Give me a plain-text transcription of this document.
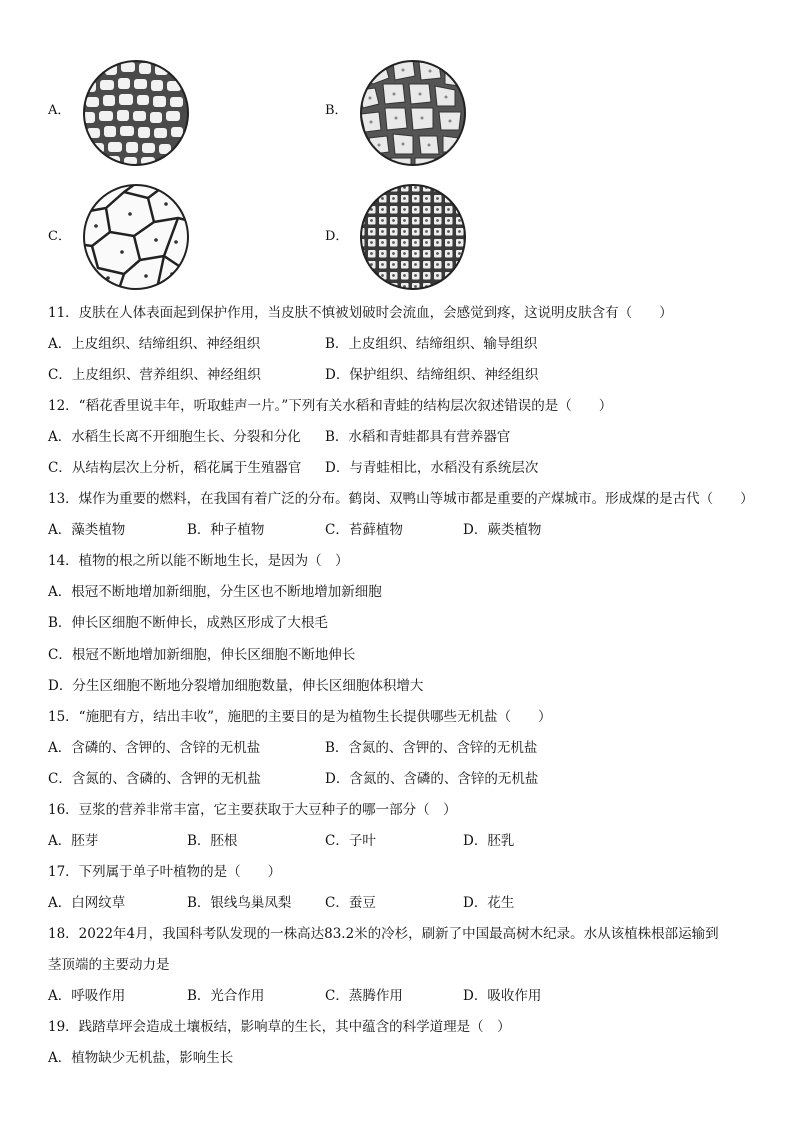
A．	B．
C．	D．
11．皮肤在人体表面起到保护作用，当皮肤不慎被划破时会流血，会感觉到疼，这说明皮肤含有（　　）
A．上皮组织、结缔组织、神经组织	B．上皮组织、结缔组织、输导组织
C．上皮组织、营养组织、神经组织	D．保护组织、结缔组织、神经组织
12．“稻花香里说丰年，听取蛙声一片。”下列有关水稻和青蛙的结构层次叙述错误的是（　　）
A．水稻生长离不开细胞生长、分裂和分化 B．水稻和青蛙都具有营养器官
C．从结构层次上分析，稻花属于生殖器官 D．与青蛙相比，水稻没有系统层次
13．煤作为重要的燃料，在我国有着广泛的分布。鹤岗、双鸭山等城市都是重要的产煤城市。形成煤的是古代（　　）
A．藻类植物	B．种子植物	C．苔藓植物	D．蕨类植物
14．植物的根之所以能不断地生长，是因为（　）
A．根冠不断地增加新细胞，分生区也不断地增加新细胞
B．伸长区细胞不断伸长，成熟区形成了大根毛
C．根冠不断地增加新细胞，伸长区细胞不断地伸长
D．分生区细胞不断地分裂增加细胞数量，伸长区细胞体积增大
15．“施肥有方，结出丰收”，施肥的主要目的是为植物生长提供哪些无机盐（　　）
A．含磷的、含钾的、含锌的无机盐	B．含氮的、含钾的、含锌的无机盐
C．含氮的、含磷的、含钾的无机盐	D．含氮的、含磷的、含锌的无机盐
16．豆浆的营养非常丰富，它主要获取于大豆种子的哪一部分（　）
A．胚芽	B．胚根	C．子叶	D．胚乳
17．下列属于单子叶植物的是（　　）
A．白网纹草	B．银线鸟巢凤梨 C．蚕豆	D．花生
18．2022年4月，我国科考队发现的一株高达83.2米的冷杉，刷新了中国最高树木纪录。水从该植株根部运输到
茎顶端的主要动力是
A．呼吸作用	B．光合作用	C．蒸腾作用	D．吸收作用
19．践踏草坪会造成土壤板结，影响草的生长，其中蕴含的科学道理是（　）
A．植物缺少无机盐，影响生长
